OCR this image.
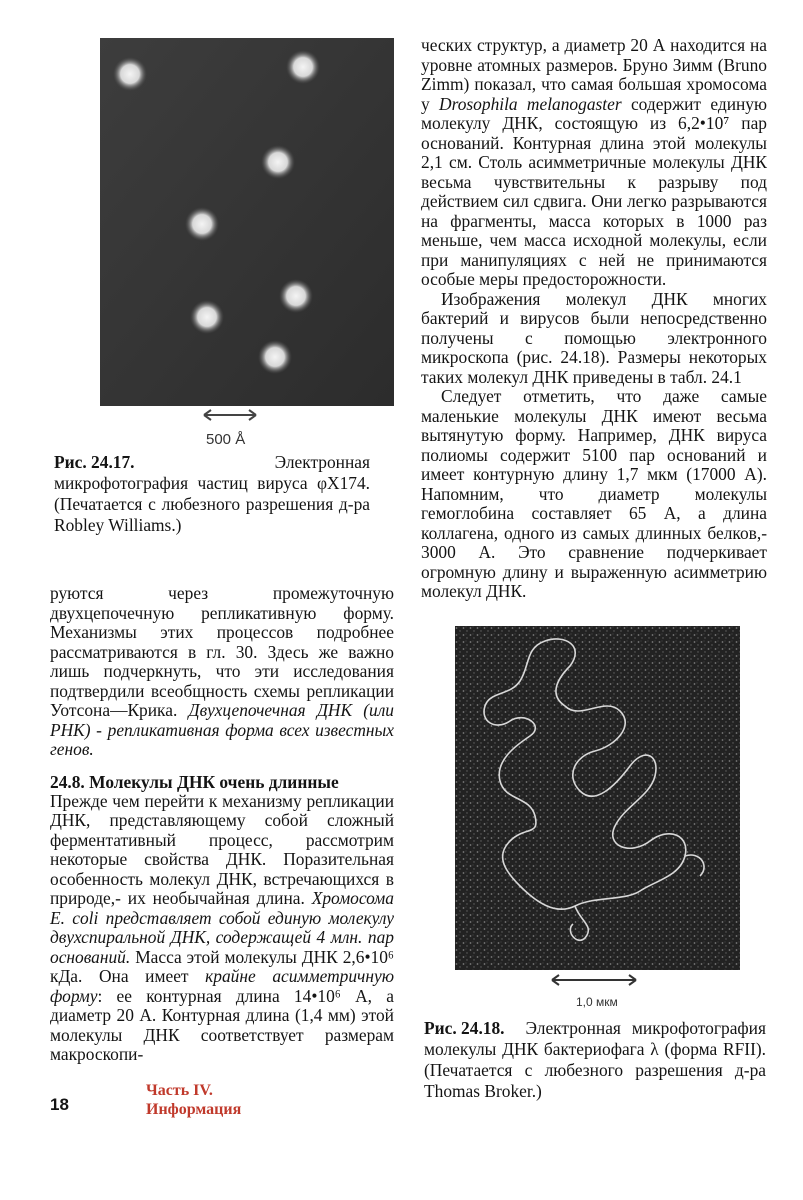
500 Å
Рис. 24.17.	Электронная микрофотография частиц вируса φX174. (Печатается с любезного разрешения д-ра Robley Williams.)

руются через промежуточную двухцепочечную репликативную форму. Механизмы этих процессов подробнее рассматриваются в гл. 30. Здесь же важно лишь подчеркнуть, что эти исследования подтвердили всеобщность схемы репликации Уотсона—Крика. Двухцепочечная ДНК (или РНК) - репликативная форма всех известных генов.

24.8. Молекулы ДНК очень длинные

Прежде чем перейти к механизму репликации ДНК, представляющему собой сложный ферментативный процесс, рассмотрим некоторые свойства ДНК. Поразительная особенность молекул ДНК, встречающихся в природе,- их необычайная длина. Хромосома E. coli представляет собой единую молекулу двухспиральной ДНК, содержащей 4 млн. пар оснований. Масса этой молекулы ДНК 2,6•10⁶ кДа. Она имеет крайне асимметричную форму: ее контурная длина 14•10⁶ А, а диаметр 20 А. Контурная длина (1,4 мм) этой молекулы ДНК соответствует размерам макроскопи-

ческих структур, а диаметр 20 А находится на уровне атомных размеров. Бруно Зимм (Bruno Zimm) показал, что самая большая хромосома у Drosophila melanogaster содержит единую молекулу ДНК, состоящую из 6,2•10⁷ пар оснований. Контурная длина этой молекулы 2,1 см. Столь асимметричные молекулы ДНК весьма чувствительны к разрыву под действием сил сдвига. Они легко разрываются на фрагменты, масса которых в 1000 раз меньше, чем масса исходной молекулы, если при манипуляциях с ней не принимаются особые меры предосторожности.

Изображения молекул ДНК многих бактерий и вирусов были непосредственно получены с помощью электронного микроскопа (рис. 24.18). Размеры некоторых таких молекул ДНК приведены в табл. 24.1

Следует отметить, что даже самые маленькие молекулы ДНК имеют весьма вытянутую форму. Например, ДНК вируса полиомы содержит 5100 пар оснований и имеет контурную длину 1,7 мкм (17000 А). Напомним, что диаметр молекулы гемоглобина составляет 65 А, а длина коллагена, одного из самых длинных белков,- 3000 А. Это сравнение подчеркивает огромную длину и выраженную асимметрию молекул ДНК.

1,0 мкм
Рис. 24.18. Электронная микрофотография молекулы ДНК бактериофага λ (форма RFII). (Печатается с любезного разрешения д-ра Thomas Broker.)
18
Часть IV.
Информация
